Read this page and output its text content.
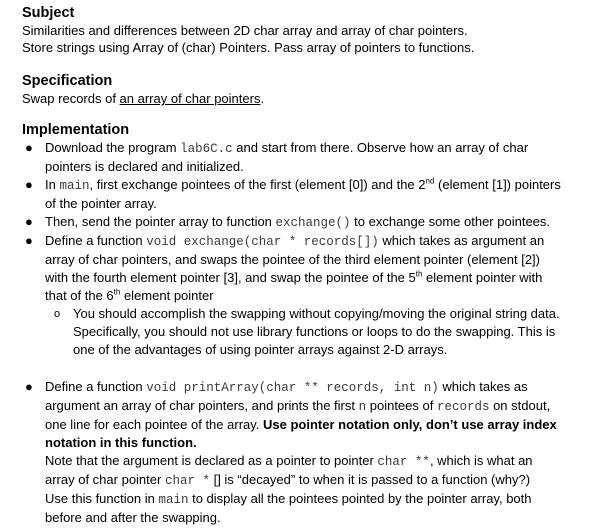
Subject
Similarities and differences between 2D char array and array of char pointers.
Store strings using Array of (char) Pointers. Pass array of pointers to functions.
Specification
Swap records of an array of char pointers.
Implementation
● Download the program lab6C.c and start from there. Observe how an array of char
pointers is declared and initialized.
● In main, first exchange pointees of the first (element [0]) and the 2nd (element [1]) pointers
of the pointer array.
● Then, send the pointer array to function exchange() to exchange some other pointees.
● Define a function void exchange(char * records[]) which takes as argument an
array of char pointers, and swaps the pointee of the third element pointer (element [2])
with the fourth element pointer [3], and swap the pointee of the 5th element pointer with
that of the 6th element pointer
o You should accomplish the swapping without copying/moving the original string data.
Specifically, you should not use library functions or loops to do the swapping. This is
one of the advantages of using pointer arrays against 2-D arrays.
● Define a function void printArray(char ** records, int n) which takes as
argument an array of char pointers, and prints the first n pointees of records on stdout,
one line for each pointee of the array. Use pointer notation only, don’t use array index
notation in this function.
Note that the argument is declared as a pointer to pointer char **, which is what an
array of char pointer char * [] is “decayed” to when it is passed to a function (why?)
Use this function in main to display all the pointees pointed by the pointer array, both
before and after the swapping.
